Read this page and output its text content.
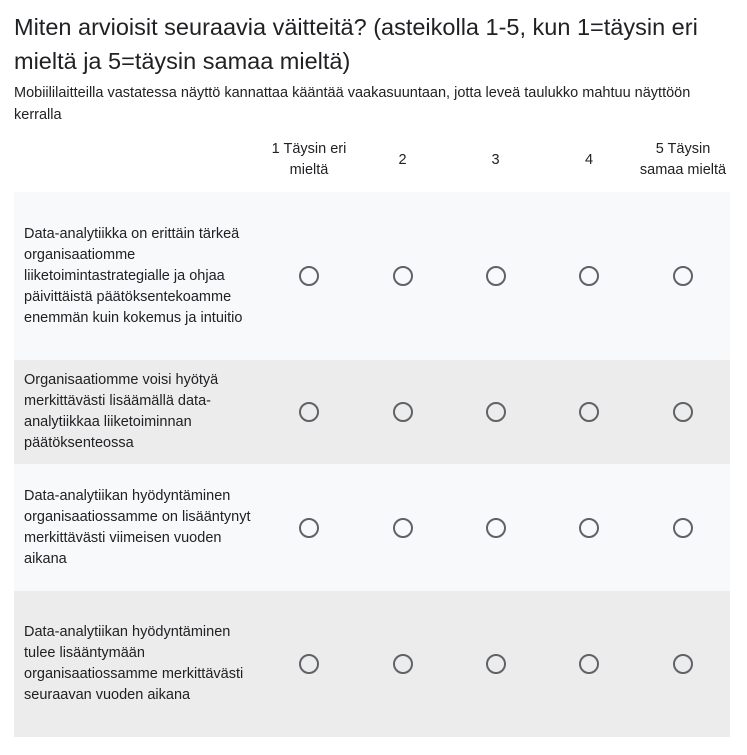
Miten arvioisit seuraavia väitteitä? (asteikolla 1-5, kun 1=täysin eri mieltä ja 5=täysin samaa mieltä)

Mobiililaitteilla vastatessa näyttö kannattaa kääntää vaakasuuntaan, jotta leveä taulukko mahtuu näyttöön kerralla

	1 Täysin eri mieltä	2	3	4	5 Täysin samaa mieltä
Data-analytiikka on erittäin tärkeä organisaatiomme liiketoimintastrategialle ja ohjaa päivittäistä päätöksentekoamme enemmän kuin kokemus ja intuitio					
Organisaatiomme voisi hyötyä merkittävästi lisäämällä data-analytiikkaa liiketoiminnan päätöksenteossa					
Data-analytiikan hyödyntäminen organisaatiossamme on lisääntynyt merkittävästi viimeisen vuoden aikana					
Data-analytiikan hyödyntäminen tulee lisääntymään organisaatiossamme merkittävästi seuraavan vuoden aikana					
